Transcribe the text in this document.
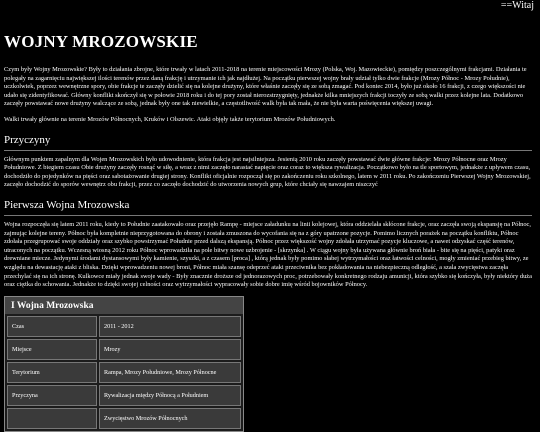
==Witaj
WOJNY MROZOWSKIE

Czym były Wojny Mrozowskie? Były to działania zbrojne, które trwały w latach 2011-2018 na terenie miejscowości Mrozy (Polska, Woj. Mazowieckie), pomiędzy poszczególnymi frakcjami. Działania te polegały na zagarnięciu największej ilości terenów przez daną frakcję i utrzymanie ich jak najdłużej. Na początku pierwszej wojny brały udział tylko dwie frakcje (Mrozy Północ - Mrozy Południe), uczkolwiek, poprzez wewnętrzne spory, obie frakcje te zaczęły dzielić się na kolejne drużyny, które właśnie zaczęły się ze sobą zmagać. Pod koniec 2014, było już około 16 frakcji, z czego większości nie udało się zidentyfikować. Główny konflikt skończył się w połowie 2018 roku i do tej pory został nierozstrzygnięty, jednakże kilka mniejszych frakcji toczyły ze sobą walki przez kolejne lata. Dodatkowo zaczęły powstawać nowe drużyny walczące ze sobą, jednak były one tak niewielkie, a częstotliwość walk była tak mała, że nie była warta poświęcenia większej uwagi.

Walki trwały głównie na terenie Mrozów Północnych, Kruków i Olszewic. Ataki objęły także terytorium Mrozów Południowych.

Przyczyny

Głównym punktem zapalnym dla Wojen Mrozowskich było udowodnienie, która frakcja jest najsilniejsza. Jesienią 2010 roku zaczęły powstawać dwie główne frakcje: Mrozy Północne oraz Mrozy Południowe. Z biegiem czasu Obie drużyny zaczęły rosnąć w siłę, a wraz z nimi zaczęło narastać napięcie oraz coraz to większa rywalizacja. Początkowo było na tle sportowym, jednakże z upływem czasu, dochodziło do pojedynków na pięści oraz sabotażowanie drugiej strony. Konflikt oficjalnie rozpoczął się po zakończeniu roku szkolnego, latem w 2011 roku. Po zakończeniu Pierwszej Wojny Mrozowskiej, zaczęło dochodzić do sporów wewnętrz obu frakcji, przez co zaczęło dochodzić do utworzenia nowych grup, które chciały się nawzajem niszczyć

Pierwsza Wojna Mrozowska

Wojna rozpoczęła się latem 2011 roku, kiedy to Południe zaatakowało oraz przejęło Rampę - miejsce załadunku na linii kolejowej, która oddzielała skłócone frakcje, oraz zaczęła swoją ekspansję na Północ, zajmując kolejne tereny. Północ była kompletnie nieprzygotowana do obrony i została zmuszona do wycofania się na z góry upatrzone pozycje. Pomimo licznych porażek na początku konfliktu, Północ zdołała przegrupować swoje oddziały oraz szybko powstrzymać Południe przed dalszą ekspansją. Północ przez większość wojny zdołała utrzymać pozycje kluczowe, a nawet odzyskać część terenów, utraconych na początku. Wczesną wiosną 2012 roku Północ wprowadziła na pole bitwy nowe uzbrojenie - [skrzynka] . W ciągu wojny była używana głównie broń biała - bite się na pięści, patyki oraz drewniane miecze. Jedynymi środami dystansowymi były kamienie, szyszki, a z czasem [proca] , którą jednak były pomimo słabej wytrzymałości oraz łatwości celności, mogły zmieniać przebieg bitwy, ze względu na dewastację ataki z bliska. Dzięki wprowadzeniu nowej broni, Północ miała szansę odeprzeć ataki przeciwnika bez pokładowania na niebezpieczną odległość, a szala zwycięstwa zaczęła przechylać się na ich stronę. Kulkowce miały jednak swoje wady - Były znacznie droższe od jednorazowych proc, potrzebowały konkretnego rodzaju amunicji, która szybko się kończyła, były niektóry duża oraz ciężka do schowania. Jednakże to dzięki swojej celności oraz wytrzymałości wypracowały sobie dobre imię wśród bojowników Północy.

I Wojna Mrozowska
Czas	2011 - 2012
Miejsce	Mrozy
Terytorium	Rampa, Mrozy Południowe, Mrozy Północne
Przyczyna	Rywalizacja między Północą a Południem
	Zwycięstwo Mrozów Północnych
